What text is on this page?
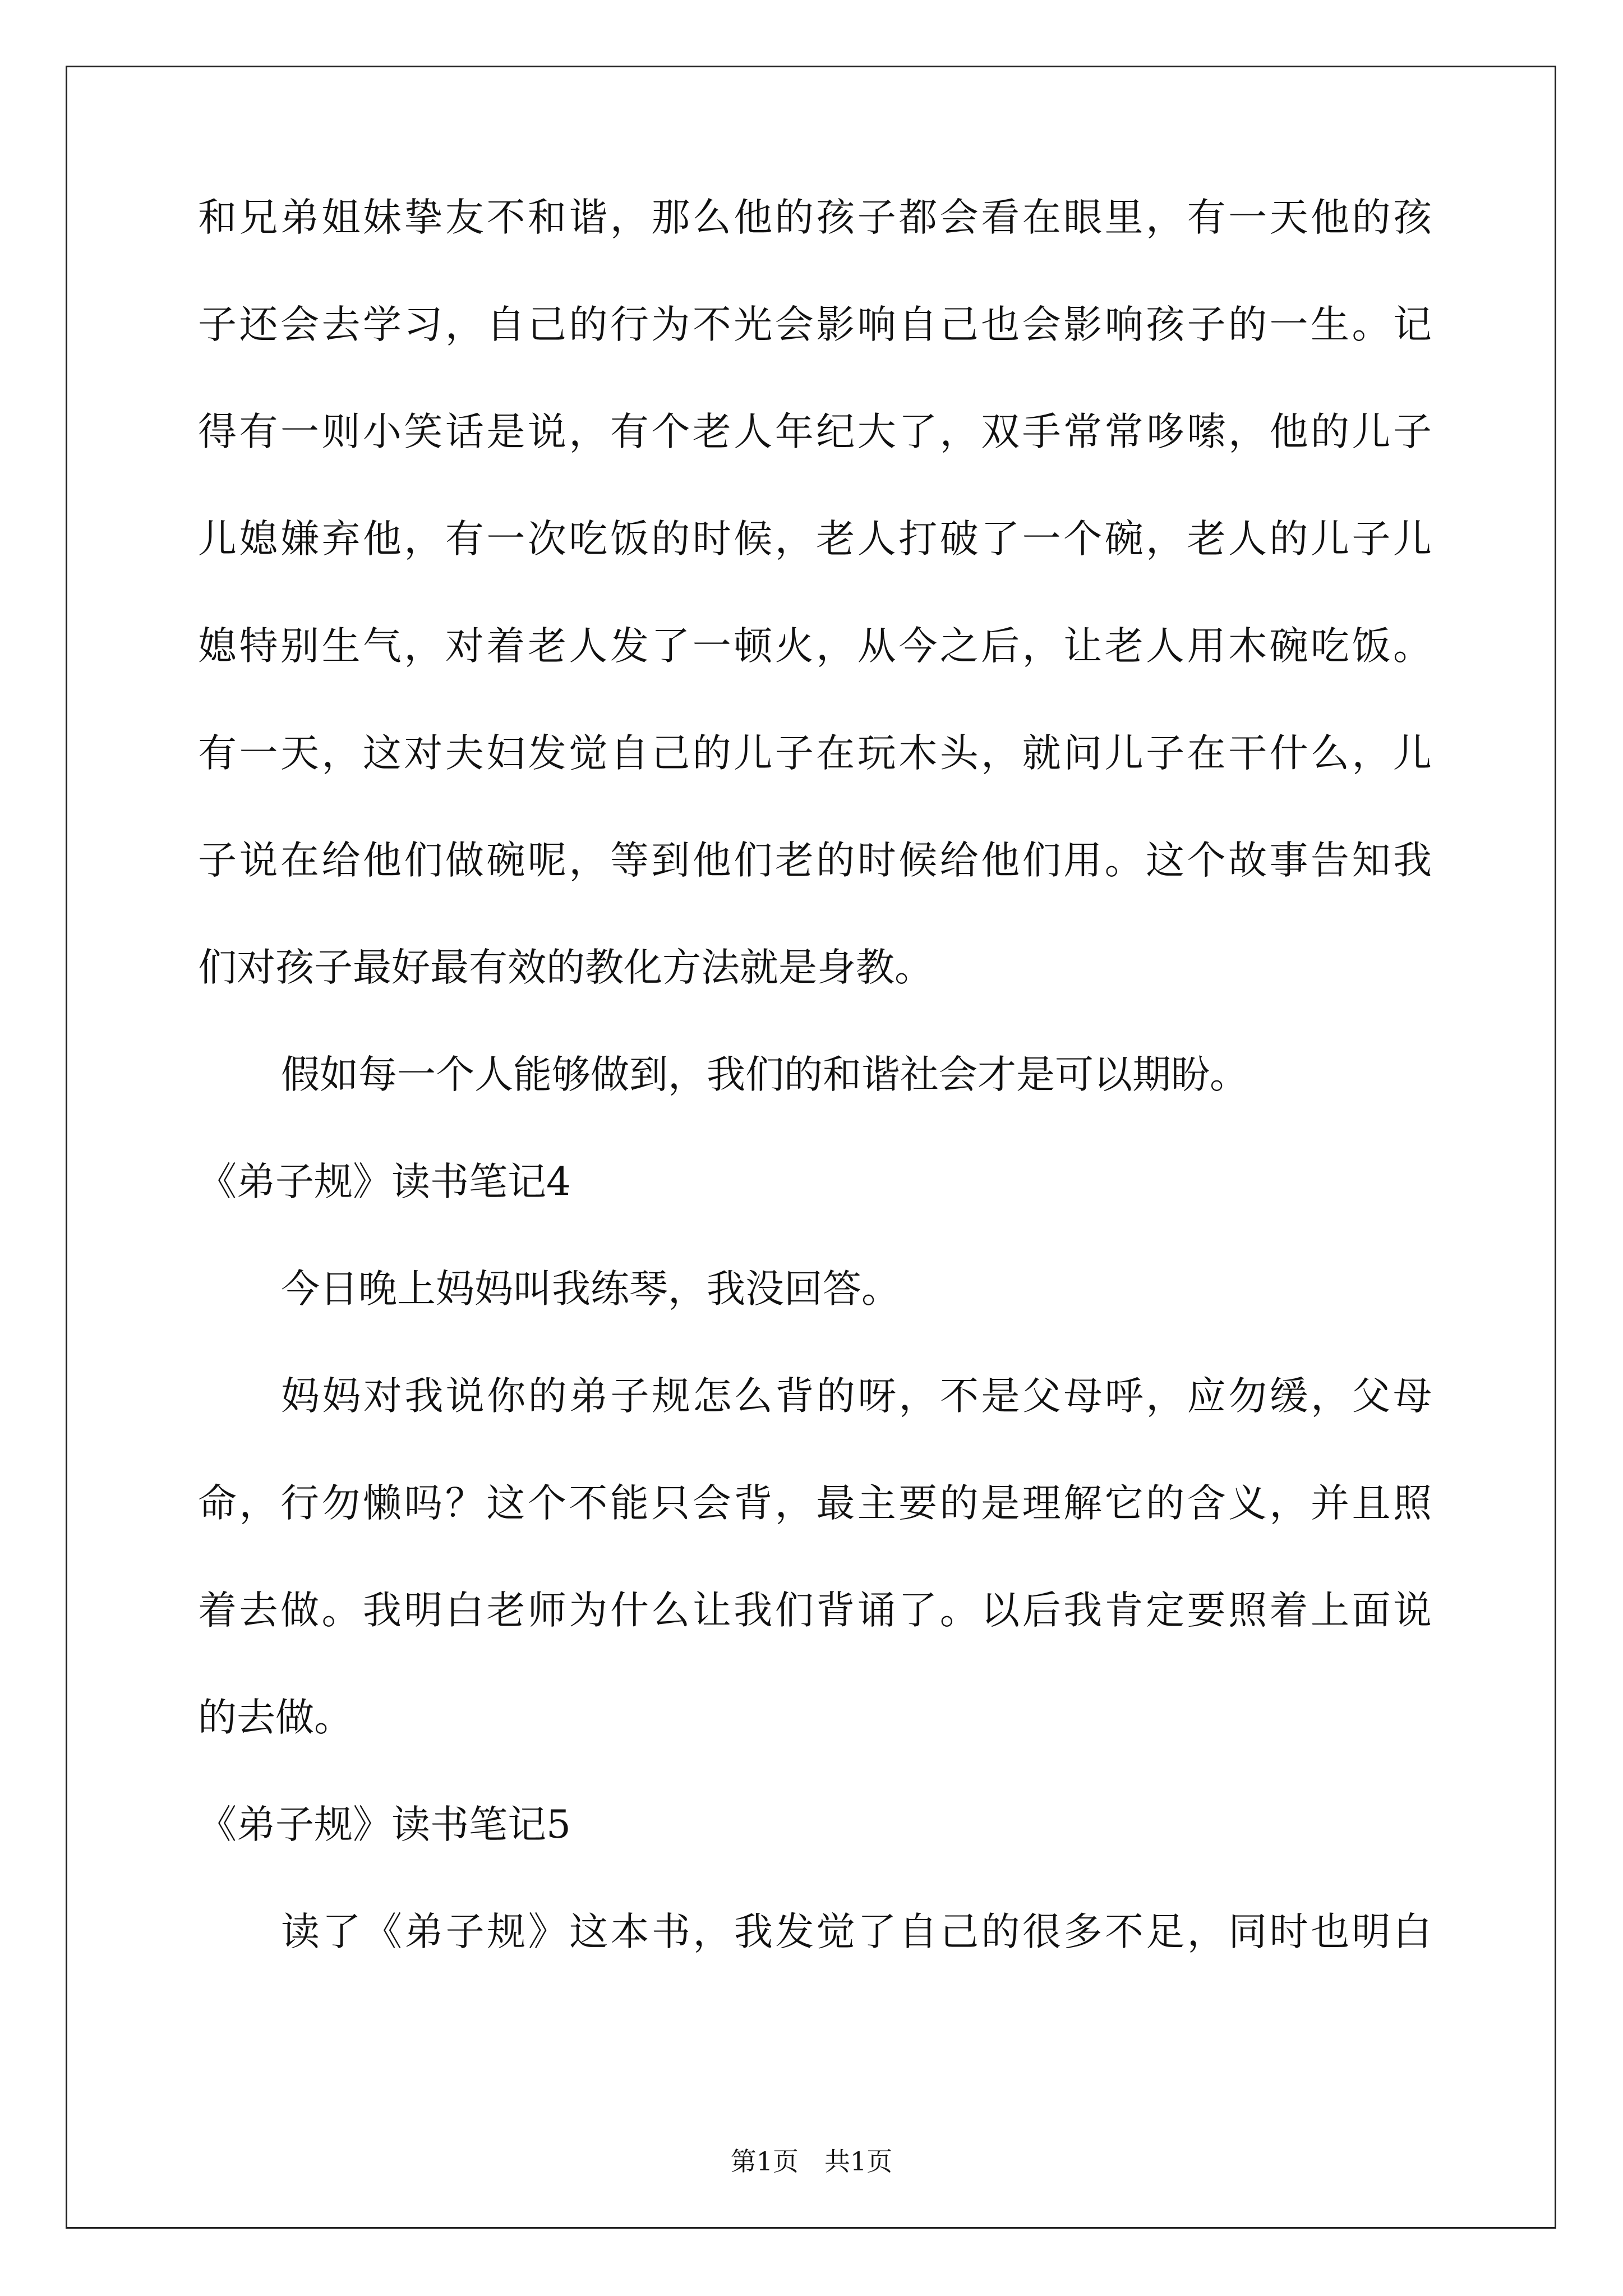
和兄弟姐妹挚友不和谐，那么他的孩子都会看在眼里，有一天他的孩
子还会去学习，自己的行为不光会影响自己也会影响孩子的一生。记
得有一则小笑话是说，有个老人年纪大了，双手常常哆嗦，他的儿子
儿媳嫌弃他，有一次吃饭的时候，老人打破了一个碗，老人的儿子儿
媳特别生气，对着老人发了一顿火，从今之后，让老人用木碗吃饭。
有一天，这对夫妇发觉自己的儿子在玩木头，就问儿子在干什么，儿
子说在给他们做碗呢，等到他们老的时候给他们用。这个故事告知我
们对孩子最好最有效的教化方法就是身教。
假如每一个人能够做到，我们的和谐社会才是可以期盼。
《弟子规》读书笔记4
今日晚上妈妈叫我练琴，我没回答。
妈妈对我说你的弟子规怎么背的呀，不是父母呼，应勿缓，父母
命，行勿懒吗？这个不能只会背，最主要的是理解它的含义，并且照
着去做。我明白老师为什么让我们背诵了。以后我肯定要照着上面说
的去做。
《弟子规》读书笔记5
读了《弟子规》这本书，我发觉了自己的很多不足，同时也明白
第1页 共1页
